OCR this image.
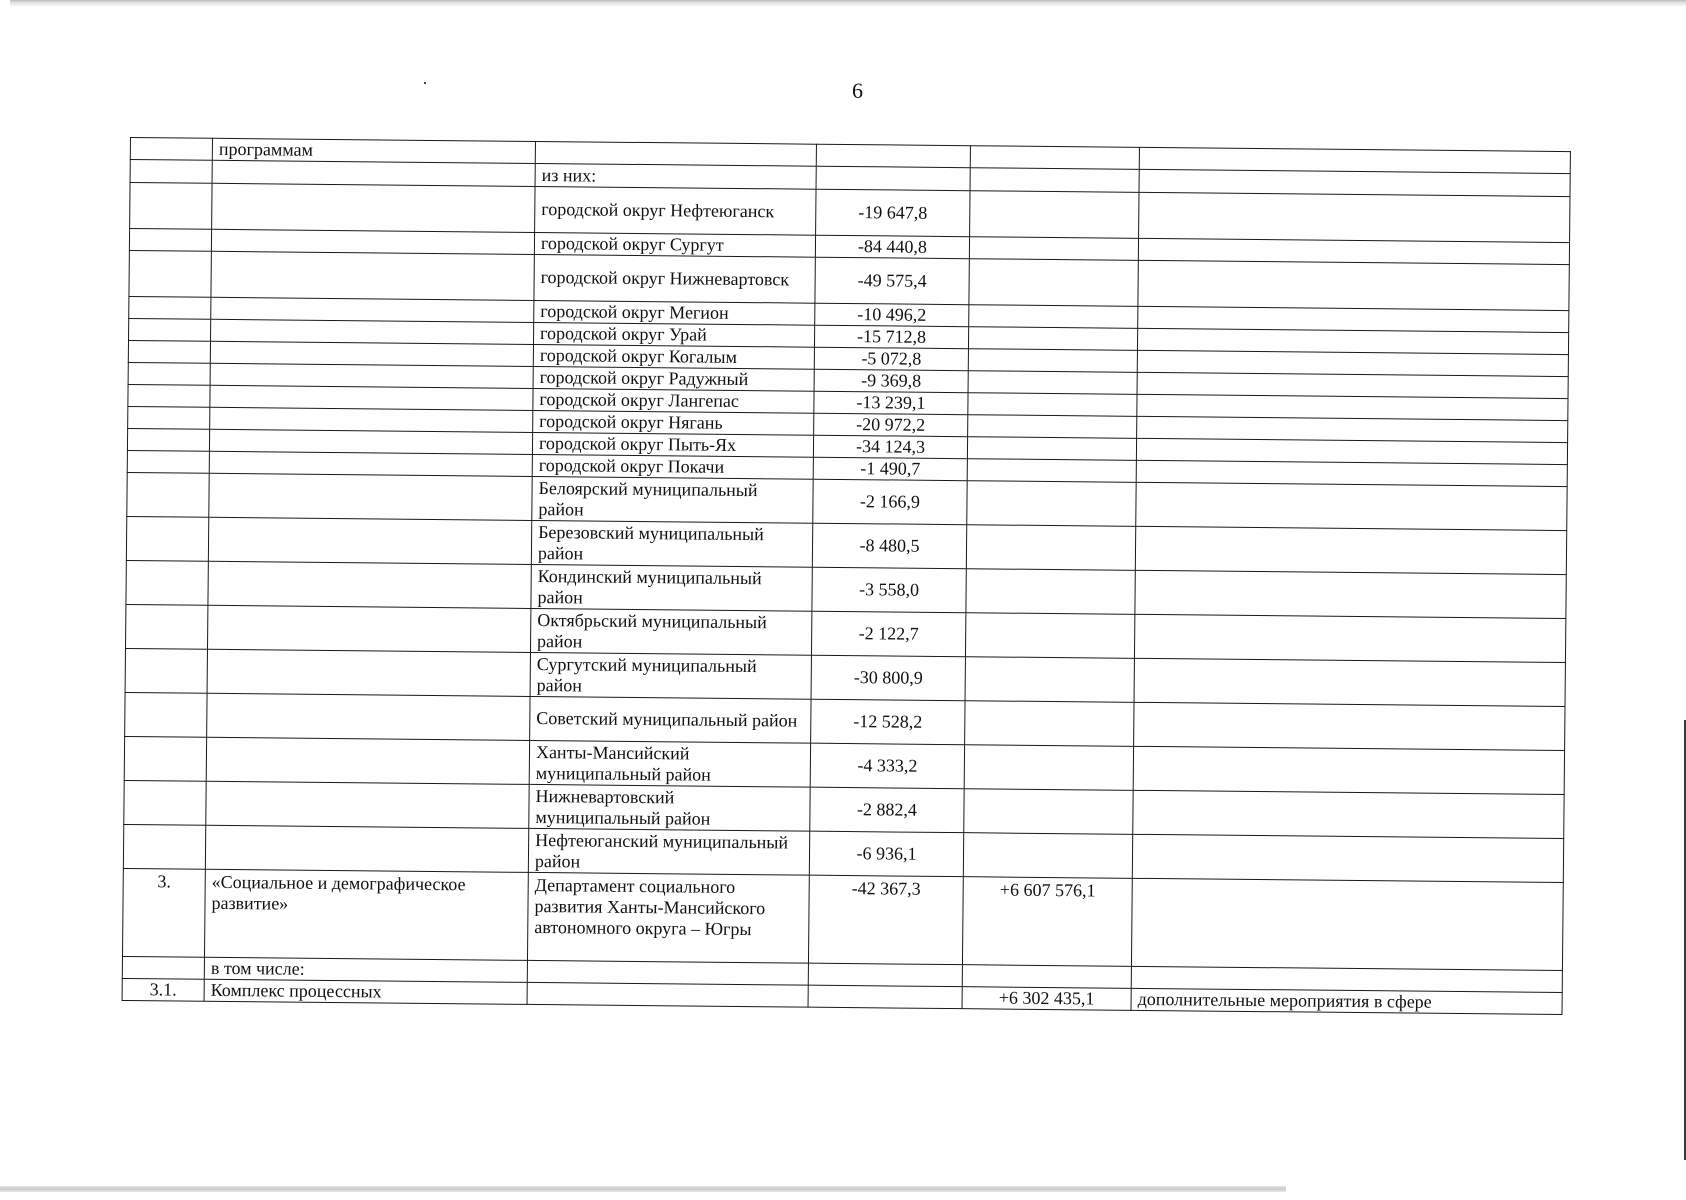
6
	программам				
		из них:			
		городской округ Нефтеюганск	-19 647,8		
		городской округ Сургут	-84 440,8		
		городской округ Нижневартовск	-49 575,4		
		городской округ Мегион	-10 496,2		
		городской округ Урай	-15 712,8		
		городской округ Когалым	-5 072,8		
		городской округ Радужный	-9 369,8		
		городской округ Лангепас	-13 239,1		
		городской округ Нягань	-20 972,2		
		городской округ Пыть-Ях	-34 124,3		
		городской округ Покачи	-1 490,7		
		Белоярский муниципальный район	-2 166,9		
		Березовский муниципальный район	-8 480,5		
		Кондинский муниципальный район	-3 558,0		
		Октябрьский муниципальный район	-2 122,7		
		Сургутский муниципальный район	-30 800,9		
		Советский муниципальный район	-12 528,2		
		Ханты-Мансийский муниципальный район	-4 333,2		
		Нижневартовский муниципальный район	-2 882,4		
		Нефтеюганский муниципальный район	-6 936,1		
3.	«Социальное и демографическое развитие»	Департамент социального развития Ханты-Мансийского автономного округа – Югры	-42 367,3	+6 607 576,1	
	в том числе:				
3.1.	Комплекс процессных			+6 302 435,1	дополнительные мероприятия в сфере
